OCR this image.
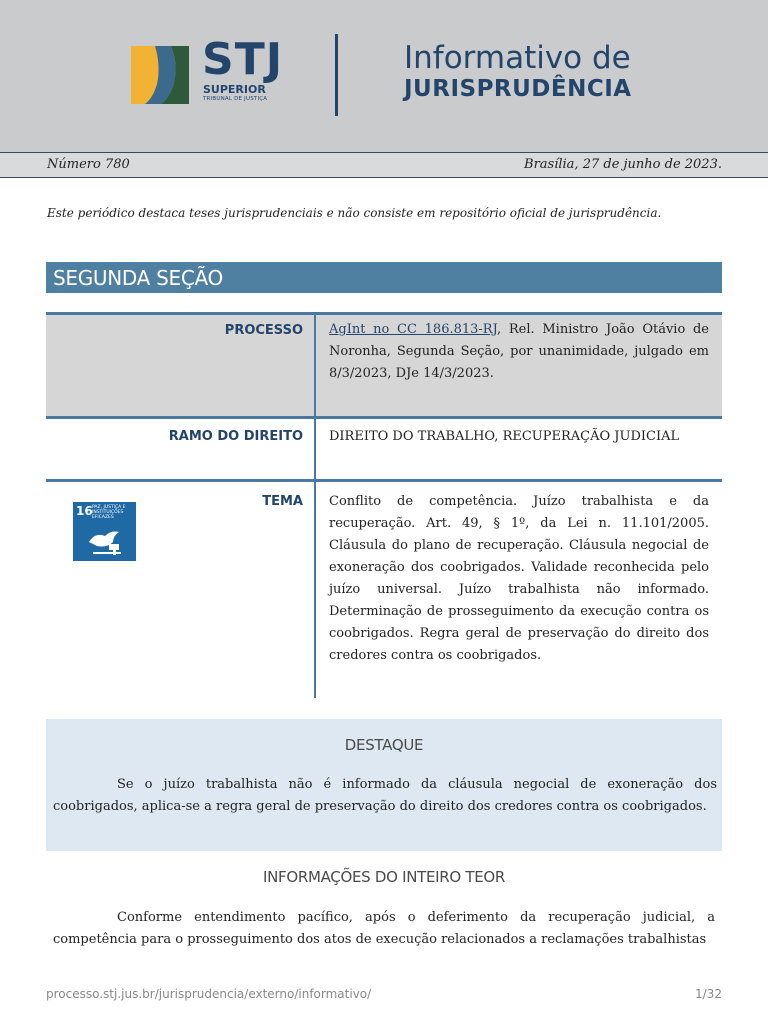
STJ
SUPERIOR
TRIBUNAL DE JUSTIÇA
Informativo de
JURISPRUDÊNCIA
Número 780	Brasília, 27 de junho de 2023.
Este periódico destaca teses jurisprudenciais e não consiste em repositório oficial de jurisprudência.
SEGUNDA SEÇÃO
PROCESSO AgInt no CC 186.813-RJ, Rel. Ministro João Otávio de Noronha, Segunda Seção, por unanimidade, julgado em 8/3/2023, DJe 14/3/2023.
RAMO DO DIREITO DIREITO DO TRABALHO, RECUPERAÇÃO JUDICIAL
16 PAZ, JUSTIÇA E INSTITUIÇÕES EFICAZES
TEMA Conflito de competência. Juízo trabalhista e da recuperação. Art. 49, § 1º, da Lei n. 11.101/2005. Cláusula do plano de recuperação. Cláusula negocial de exoneração dos coobrigados. Validade reconhecida pelo juízo universal. Juízo trabalhista não informado. Determinação de prosseguimento da execução contra os coobrigados. Regra geral de preservação do direito dos credores contra os coobrigados.
DESTAQUE
Se o juízo trabalhista não é informado da cláusula negocial de exoneração dos coobrigados, aplica-se a regra geral de preservação do direito dos credores contra os coobrigados.
INFORMAÇÕES DO INTEIRO TEOR
Conforme entendimento pacífico, após o deferimento da recuperação judicial, a competência para o prosseguimento dos atos de execução relacionados a reclamações trabalhistas
processo.stj.jus.br/jurisprudencia/externo/informativo/	1/32
